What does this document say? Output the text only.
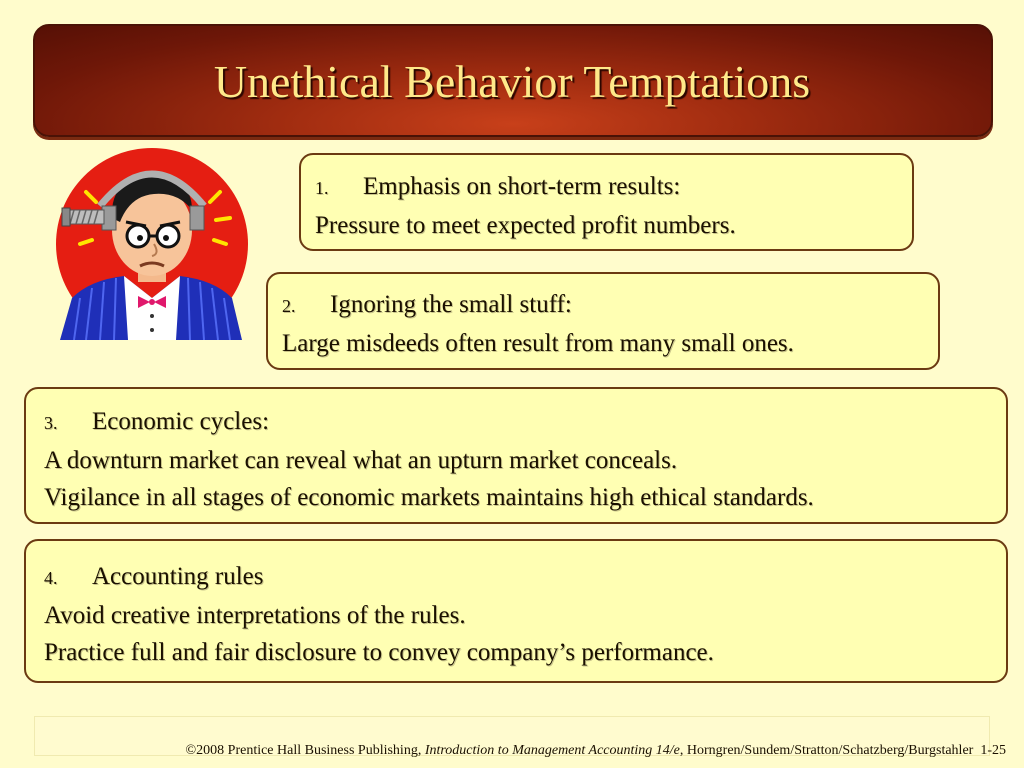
Unethical Behavior Temptations
1. Emphasis on short-term results:
Pressure to meet expected profit numbers.
2. Ignoring the small stuff:
Large misdeeds often result from many small ones.
3. Economic cycles:
A downturn market can reveal what an upturn market conceals.
Vigilance in all stages of economic markets maintains high ethical standards.
4. Accounting rules
Avoid creative interpretations of the rules.
Practice full and fair disclosure to convey company’s performance.
©2008 Prentice Hall Business Publishing, Introduction to Management Accounting 14/e, Horngren/Sundem/Stratton/Schatzberg/Burgstahler 1-25
